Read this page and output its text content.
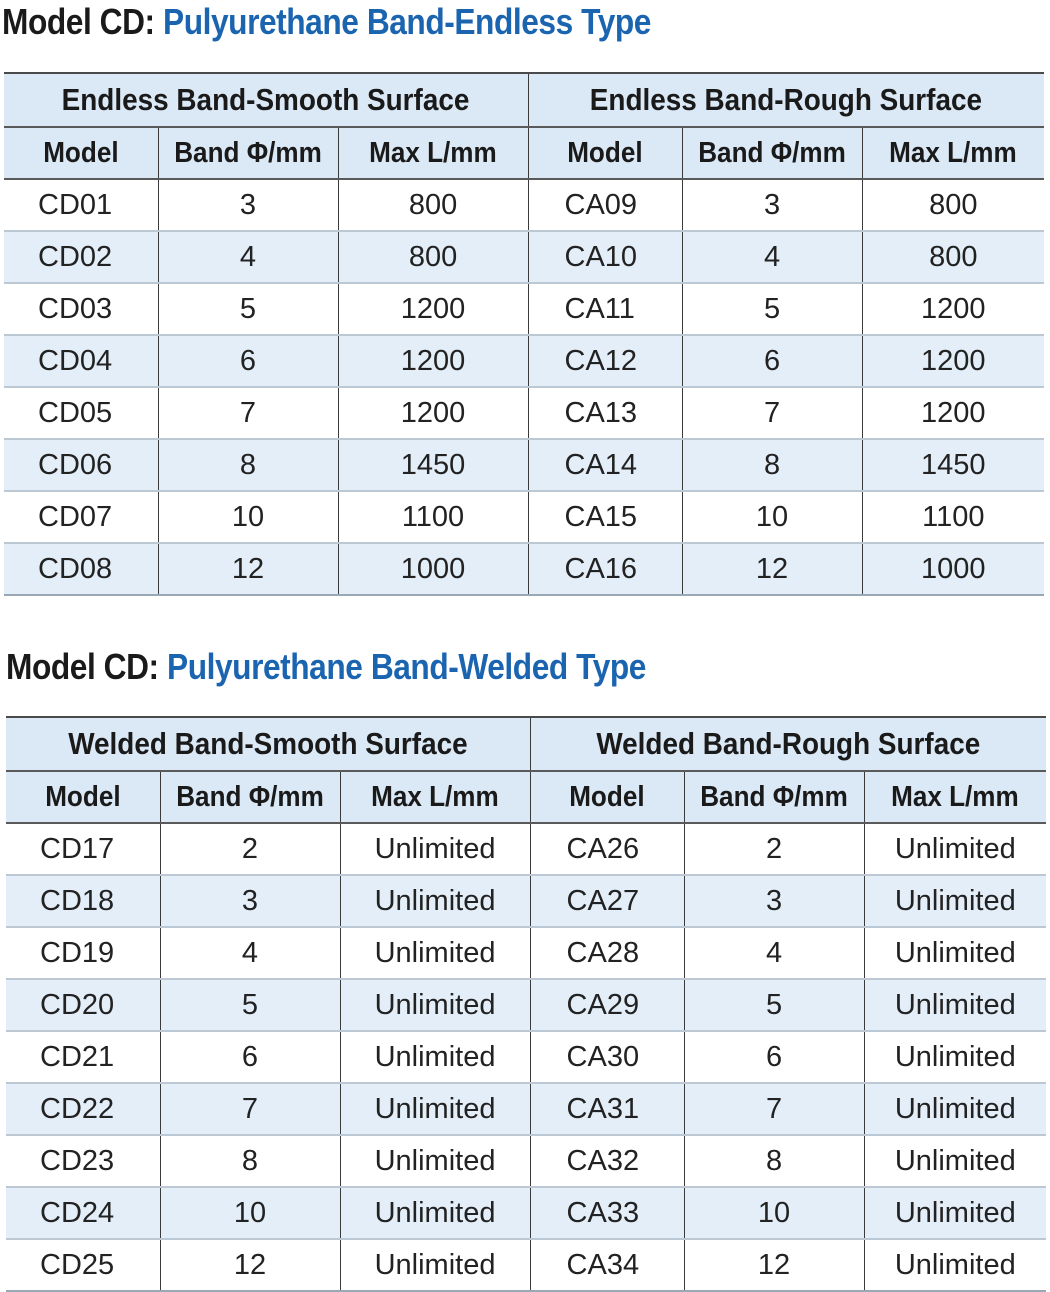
Model CD: Pulyurethane Band-Endless Type
Endless Band-Smooth Surface			Endless Band-Rough Surface		
Model	Band Φ/mm	Max L/mm	Model	Band Φ/mm	Max L/mm
CD01	3	800	CA09	3	800
CD02	4	800	CA10	4	800
CD03	5	1200	CA11	5	1200
CD04	6	1200	CA12	6	1200
CD05	7	1200	CA13	7	1200
CD06	8	1450	CA14	8	1450
CD07	10	1100	CA15	10	1100
CD08	12	1000	CA16	12	1000
Model CD: Pulyurethane Band-Welded Type
Welded Band-Smooth Surface			Welded Band-Rough Surface		
Model	Band Φ/mm	Max L/mm	Model	Band Φ/mm	Max L/mm
CD17	2	Unlimited	CA26	2	Unlimited
CD18	3	Unlimited	CA27	3	Unlimited
CD19	4	Unlimited	CA28	4	Unlimited
CD20	5	Unlimited	CA29	5	Unlimited
CD21	6	Unlimited	CA30	6	Unlimited
CD22	7	Unlimited	CA31	7	Unlimited
CD23	8	Unlimited	CA32	8	Unlimited
CD24	10	Unlimited	CA33	10	Unlimited
CD25	12	Unlimited	CA34	12	Unlimited
